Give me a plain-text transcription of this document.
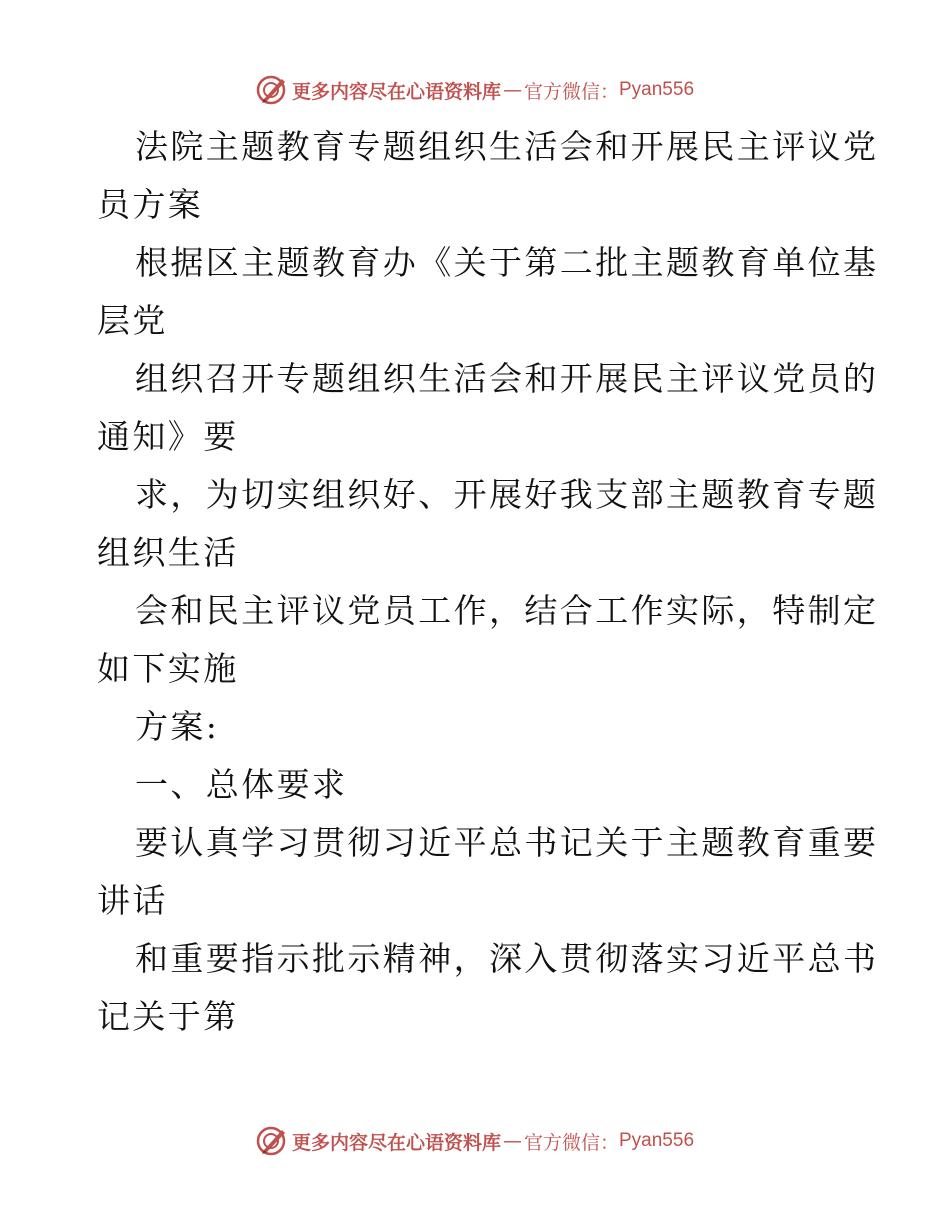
更多内容尽在心语资料库 — 官方微信： Pyan556
法院主题教育专题组织生活会和开展民主评议党
员方案
根据区主题教育办《关于第二批主题教育单位基
层党
组织召开专题组织生活会和开展民主评议党员的
通知》要
求，为切实组织好、开展好我支部主题教育专题
组织生活
会和民主评议党员工作，结合工作实际，特制定
如下实施
方案:
一、总体要求
要认真学习贯彻习近平总书记关于主题教育重要
讲话
和重要指示批示精神，深入贯彻落实习近平总书
记关于第
更多内容尽在心语资料库 — 官方微信： Pyan556
